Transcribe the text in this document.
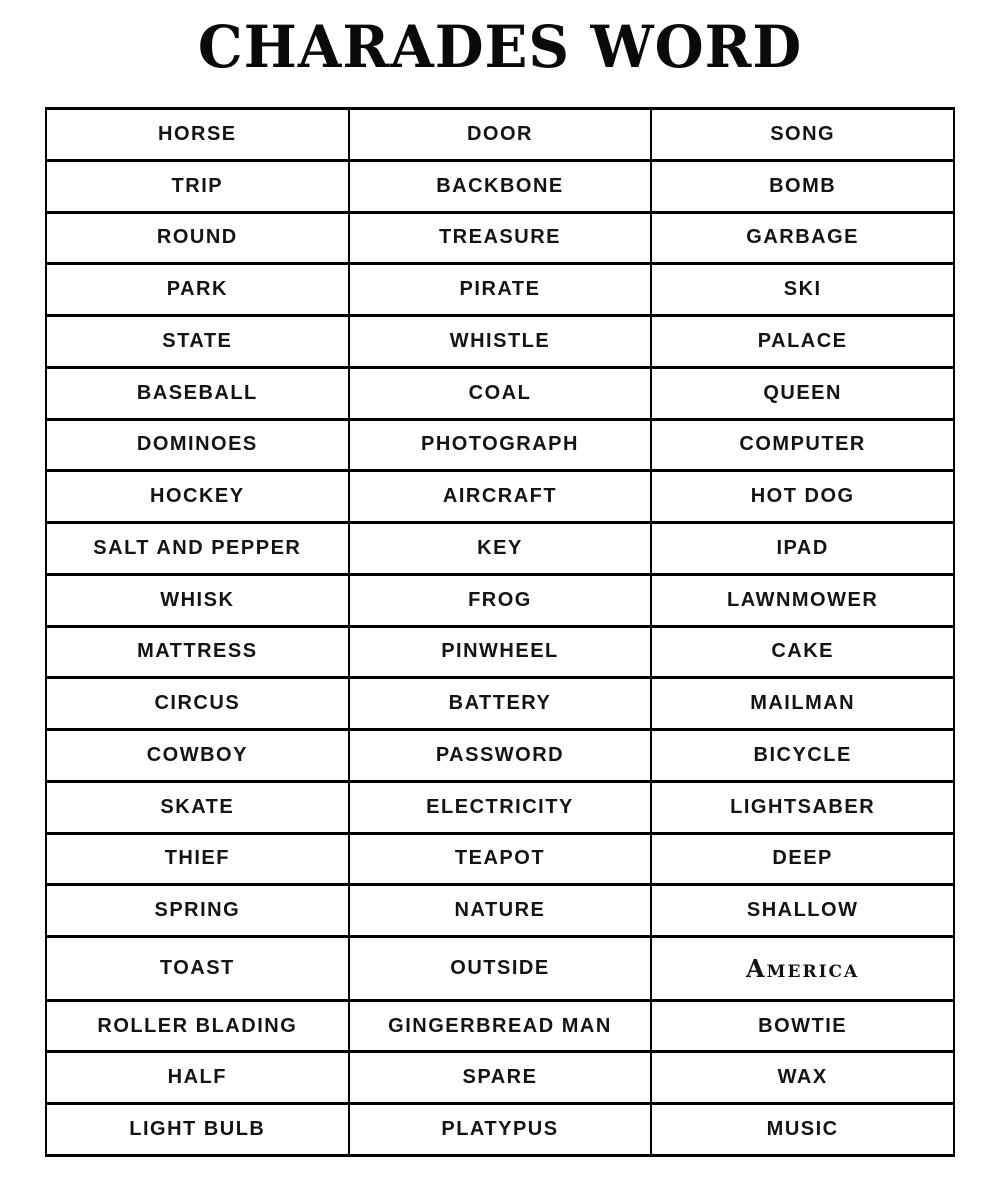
CHARADES WORD
HORSE	DOOR	SONG
TRIP	BACKBONE	BOMB
ROUND	TREASURE	GARBAGE
PARK	PIRATE	SKI
STATE	WHISTLE	PALACE
BASEBALL	COAL	QUEEN
DOMINOES	PHOTOGRAPH	COMPUTER
HOCKEY	AIRCRAFT	HOT DOG
SALT AND PEPPER	KEY	IPAD
WHISK	FROG	LAWNMOWER
MATTRESS	PINWHEEL	CAKE
CIRCUS	BATTERY	MAILMAN
COWBOY	PASSWORD	BICYCLE
SKATE	ELECTRICITY	LIGHTSABER
THIEF	TEAPOT	DEEP
SPRING	NATURE	SHALLOW
TOAST	OUTSIDE	America
ROLLER BLADING	GINGERBREAD MAN	BOWTIE
HALF	SPARE	WAX
LIGHT BULB	PLATYPUS	MUSIC
